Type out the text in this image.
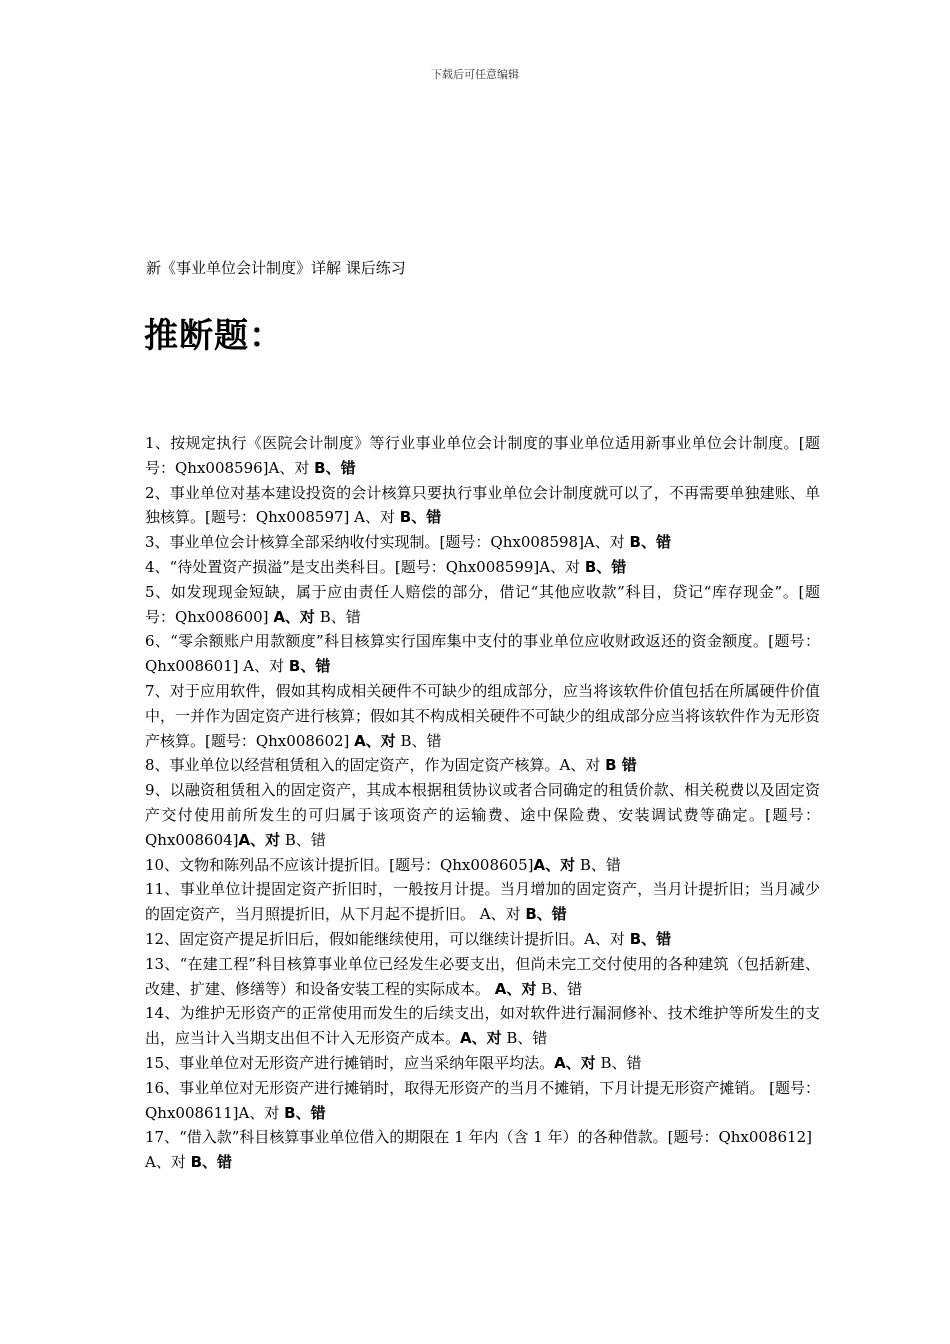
下载后可任意编辑
新《事业单位会计制度》详解 课后练习
推断题：
1、按规定执行《医院会计制度》等行业事业单位会计制度的事业单位适用新事业单位会计制度。[题号：Qhx008596]A、对 B、错
2、事业单位对基本建设投资的会计核算只要执行事业单位会计制度就可以了，不再需要单独建账、单独核算。[题号：Qhx008597] A、对 B、错
3、事业单位会计核算全部采纳收付实现制。[题号：Qhx008598]A、对 B、错
4、“待处置资产损溢”是支出类科目。[题号：Qhx008599]A、对 B、错
5、如发现现金短缺，属于应由责任人赔偿的部分，借记“其他应收款”科目，贷记“库存现金”。[题号：Qhx008600] A、对 B、错
6、“零余额账户用款额度”科目核算实行国库集中支付的事业单位应收财政返还的资金额度。[题号：Qhx008601] A、对 B、错
7、对于应用软件，假如其构成相关硬件不可缺少的组成部分，应当将该软件价值包括在所属硬件价值中，一并作为固定资产进行核算；假如其不构成相关硬件不可缺少的组成部分应当将该软件作为无形资产核算。[题号：Qhx008602] A、对 B、错
8、事业单位以经营租赁租入的固定资产，作为固定资产核算。A、对 B 错
9、以融资租赁租入的固定资产，其成本根据租赁协议或者合同确定的租赁价款、相关税费以及固定资产交付使用前所发生的可归属于该项资产的运输费、途中保险费、安装调试费等确定。[题号：Qhx008604]A、对 B、错
10、文物和陈列品不应该计提折旧。[题号：Qhx008605]A、对 B、错
11、事业单位计提固定资产折旧时，一般按月计提。当月增加的固定资产，当月计提折旧；当月减少的固定资产，当月照提折旧，从下月起不提折旧。 A、对 B、错
12、固定资产提足折旧后，假如能继续使用，可以继续计提折旧。A、对 B、错
13、“在建工程”科目核算事业单位已经发生必要支出，但尚未完工交付使用的各种建筑（包括新建、改建、扩建、修缮等）和设备安装工程的实际成本。 A、对 B、错
14、为维护无形资产的正常使用而发生的后续支出，如对软件进行漏洞修补、技术维护等所发生的支出，应当计入当期支出但不计入无形资产成本。A、对 B、错
15、事业单位对无形资产进行摊销时，应当采纳年限平均法。A、对 B、错
16、事业单位对无形资产进行摊销时，取得无形资产的当月不摊销，下月计提无形资产摊销。 [题号：Qhx008611]A、对 B、错
17、“借入款”科目核算事业单位借入的期限在 1 年内（含 1 年）的各种借款。[题号：Qhx008612]
A、对 B、错
